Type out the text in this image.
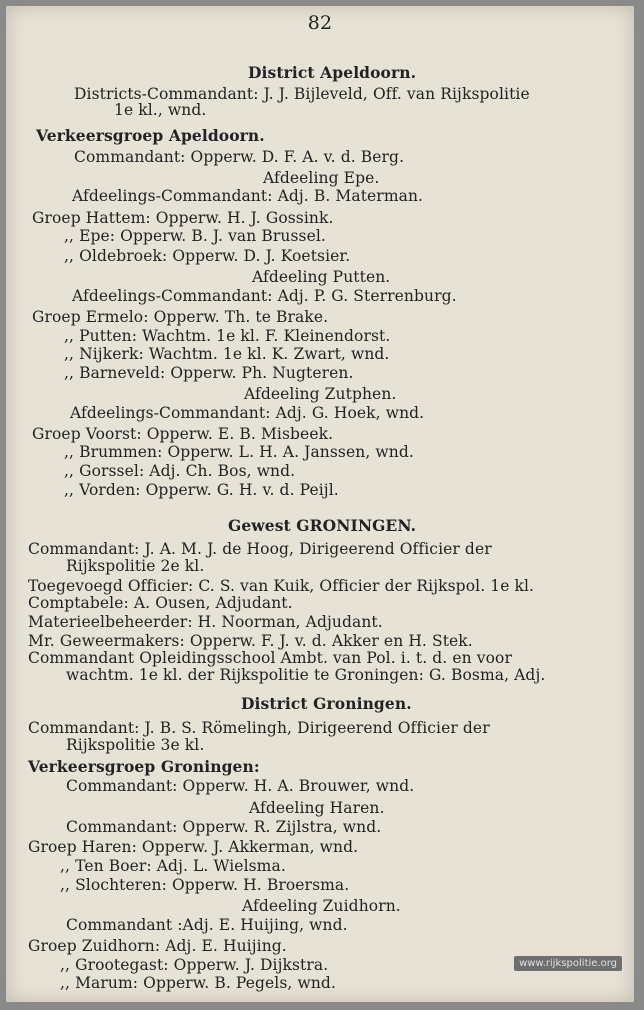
82
District Apeldoorn.
Districts-Commandant: J. J. Bijleveld, Off. van Rijkspolitie
1e kl., wnd.
Verkeersgroep Apeldoorn.
Commandant: Opperw. D. F. A. v. d. Berg.
Afdeeling Epe.
Afdeelings-Commandant: Adj. B. Materman.
Groep Hattem: Opperw. H. J. Gossink.
,, Epe: Opperw. B. J. van Brussel.
,, Oldebroek: Opperw. D. J. Koetsier.
Afdeeling Putten.
Afdeelings-Commandant: Adj. P. G. Sterrenburg.
Groep Ermelo: Opperw. Th. te Brake.
,, Putten: Wachtm. 1e kl. F. Kleinendorst.
,, Nijkerk: Wachtm. 1e kl. K. Zwart, wnd.
,, Barneveld: Opperw. Ph. Nugteren.
Afdeeling Zutphen.
Afdeelings-Commandant: Adj. G. Hoek, wnd.
Groep Voorst: Opperw. E. B. Misbeek.
,, Brummen: Opperw. L. H. A. Janssen, wnd.
,, Gorssel: Adj. Ch. Bos, wnd.
,, Vorden: Opperw. G. H. v. d. Peijl.
Gewest GRONINGEN.
Commandant: J. A. M. J. de Hoog, Dirigeerend Officier der
Rijkspolitie 2e kl.
Toegevoegd Officier: C. S. van Kuik, Officier der Rijkspol. 1e kl.
Comptabele: A. Ousen, Adjudant.
Materieelbeheerder: H. Noorman, Adjudant.
Mr. Geweermakers: Opperw. F. J. v. d. Akker en H. Stek.
Commandant Opleidingsschool Ambt. van Pol. i. t. d. en voor
wachtm. 1e kl. der Rijkspolitie te Groningen: G. Bosma, Adj.
District Groningen.
Commandant: J. B. S. Römelingh, Dirigeerend Officier der
Rijkspolitie 3e kl.
Verkeersgroep Groningen:
Commandant: Opperw. H. A. Brouwer, wnd.
Afdeeling Haren.
Commandant: Opperw. R. Zijlstra, wnd.
Groep Haren: Opperw. J. Akkerman, wnd.
,, Ten Boer: Adj. L. Wielsma.
,, Slochteren: Opperw. H. Broersma.
Afdeeling Zuidhorn.
Commandant :Adj. E. Huijing, wnd.
Groep Zuidhorn: Adj. E. Huijing.
,, Grootegast: Opperw. J. Dijkstra.
,, Marum: Opperw. B. Pegels, wnd.
www.rijkspolitie.org
